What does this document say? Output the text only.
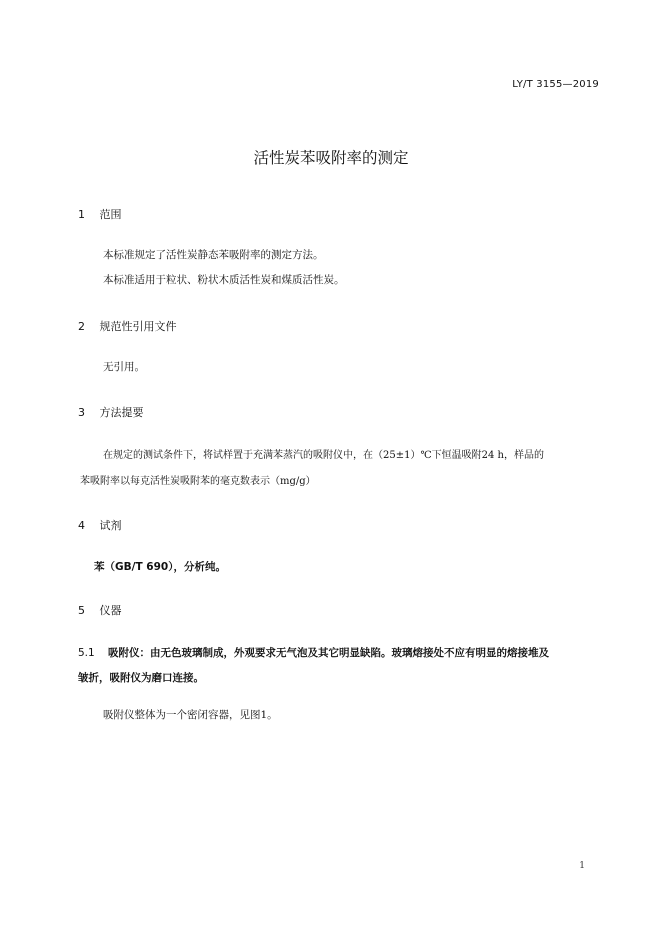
LY/T 3155—2019
活性炭苯吸附率的测定
1 范围
本标准规定了活性炭静态苯吸附率的测定方法。
本标准适用于粒状、粉状木质活性炭和煤质活性炭。
2 规范性引用文件
无引用。
3 方法提要
在规定的测试条件下，将试样置于充满苯蒸汽的吸附仪中，在（25±1）℃下恒温吸附24 h，样品的
苯吸附率以每克活性炭吸附苯的毫克数表示（mg/g）
4 试剂
苯（GB/T 690），分析纯。
5 仪器
5.1 吸附仪：由无色玻璃制成，外观要求无气泡及其它明显缺陷。玻璃熔接处不应有明显的熔接堆及
皱折，吸附仪为磨口连接。
吸附仪整体为一个密闭容器，见图1。
1
